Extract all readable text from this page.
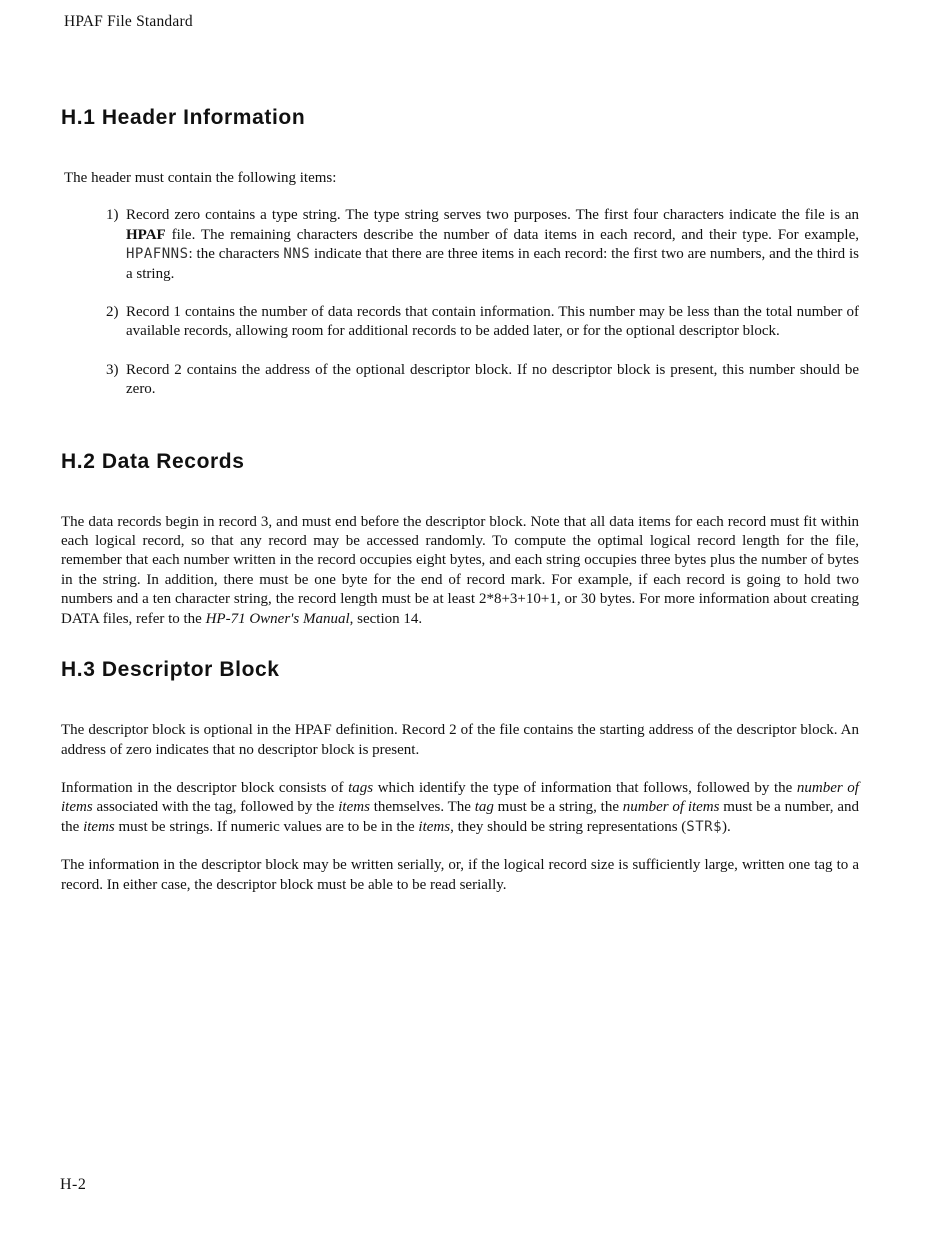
HPAF File Standard
H.1 Header Information

The header must contain the following items:

1) Record zero contains a type string. The type string serves two purposes. The first four characters indicate the file is an HPAF file. The remaining characters describe the number of data items in each record, and their type. For example, HPAFNNS: the characters NNS indicate that there are three items in each record: the first two are numbers, and the third is a string.

2) Record 1 contains the number of data records that contain information. This number may be less than the total number of available records, allowing room for additional records to be added later, or for the optional descriptor block.

3) Record 2 contains the address of the optional descriptor block. If no descriptor block is present, this number should be zero.

H.2 Data Records

The data records begin in record 3, and must end before the descriptor block. Note that all data items for each record must fit within each logical record, so that any record may be accessed randomly. To compute the optimal logical record length for the file, remember that each number written in the record occupies eight bytes, and each string occupies three bytes plus the number of bytes in the string. In addition, there must be one byte for the end of record mark. For example, if each record is going to hold two numbers and a ten character string, the record length must be at least 2*8+3+10+1, or 30 bytes. For more information about creating DATA files, refer to the HP-71 Owner's Manual, section 14.

H.3 Descriptor Block

The descriptor block is optional in the HPAF definition. Record 2 of the file contains the starting address of the descriptor block. An address of zero indicates that no descriptor block is present.

Information in the descriptor block consists of tags which identify the type of information that follows, followed by the number of items associated with the tag, followed by the items themselves. The tag must be a string, the number of items must be a number, and the items must be strings. If numeric values are to be in the items, they should be string representations (STR$).

The information in the descriptor block may be written serially, or, if the logical record size is sufficiently large, written one tag to a record. In either case, the descriptor block must be able to be read serially.

H-2
